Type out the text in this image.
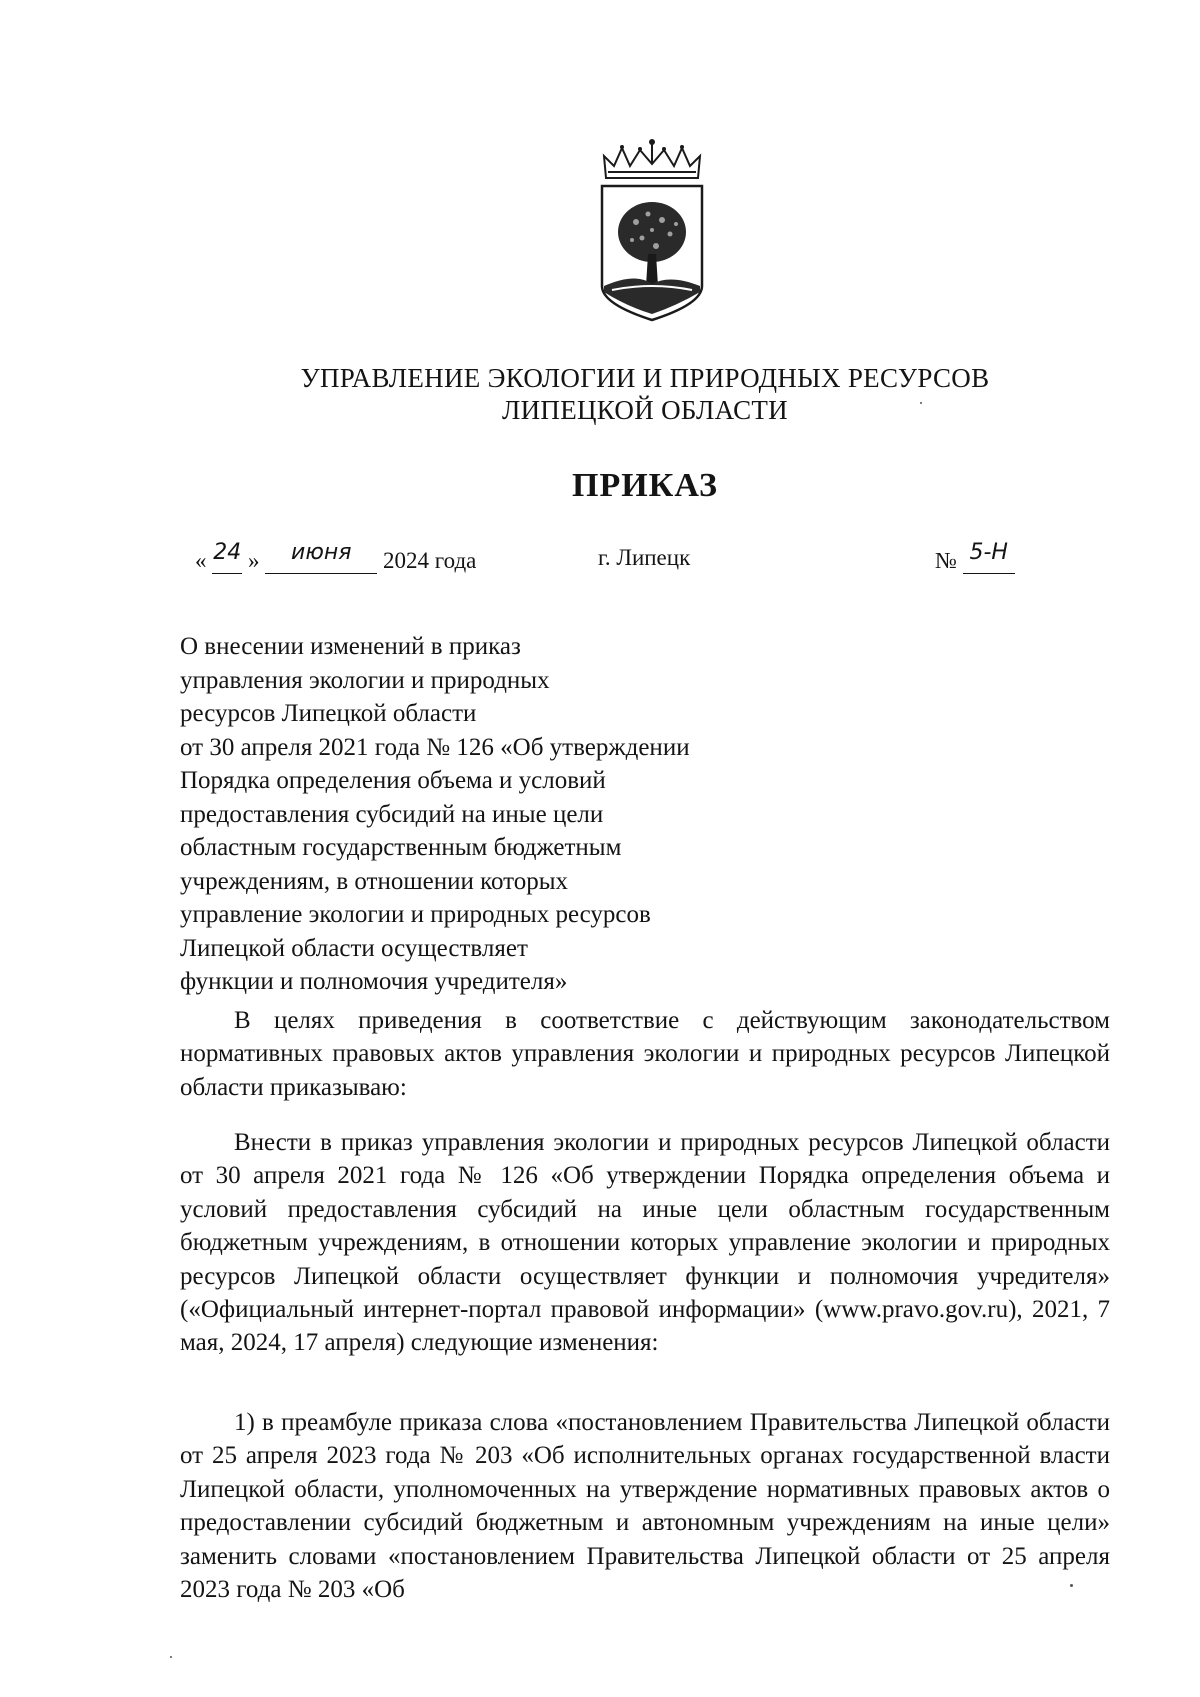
УПРАВЛЕНИЕ ЭКОЛОГИИ И ПРИРОДНЫХ РЕСУРСОВ
ЛИПЕЦКОЙ ОБЛАСТИ
ПРИКАЗ
« 24 » июня 2024 года	г. Липецк	№ 5-Н
О внесении изменений в приказ
управления экологии и природных
ресурсов Липецкой области
от 30 апреля 2021 года № 126 «Об утверждении
Порядка определения объема и условий
предоставления субсидий на иные цели
областным государственным бюджетным
учреждениям, в отношении которых
управление экологии и природных ресурсов
Липецкой области осуществляет
функции и полномочия учредителя»
В целях приведения в соответствие с действующим законодательством нормативных правовых актов управления экологии и природных ресурсов Липецкой области приказываю:
Внести в приказ управления экологии и природных ресурсов Липецкой области от 30 апреля 2021 года № 126 «Об утверждении Порядка определения объема и условий предоставления субсидий на иные цели областным государственным бюджетным учреждениям, в отношении которых управление экологии и природных ресурсов Липецкой области осуществляет функции и полномочия учредителя» («Официальный интернет-портал правовой информации» (www.pravo.gov.ru), 2021, 7 мая, 2024, 17 апреля) следующие изменения:
1) в преамбуле приказа слова «постановлением Правительства Липецкой области от 25 апреля 2023 года № 203 «Об исполнительных органах государственной власти Липецкой области, уполномоченных на утверждение нормативных правовых актов о предоставлении субсидий бюджетным и автономным учреждениям на иные цели» заменить словами «постановлением Правительства Липецкой области от 25 апреля 2023 года № 203 «Об
